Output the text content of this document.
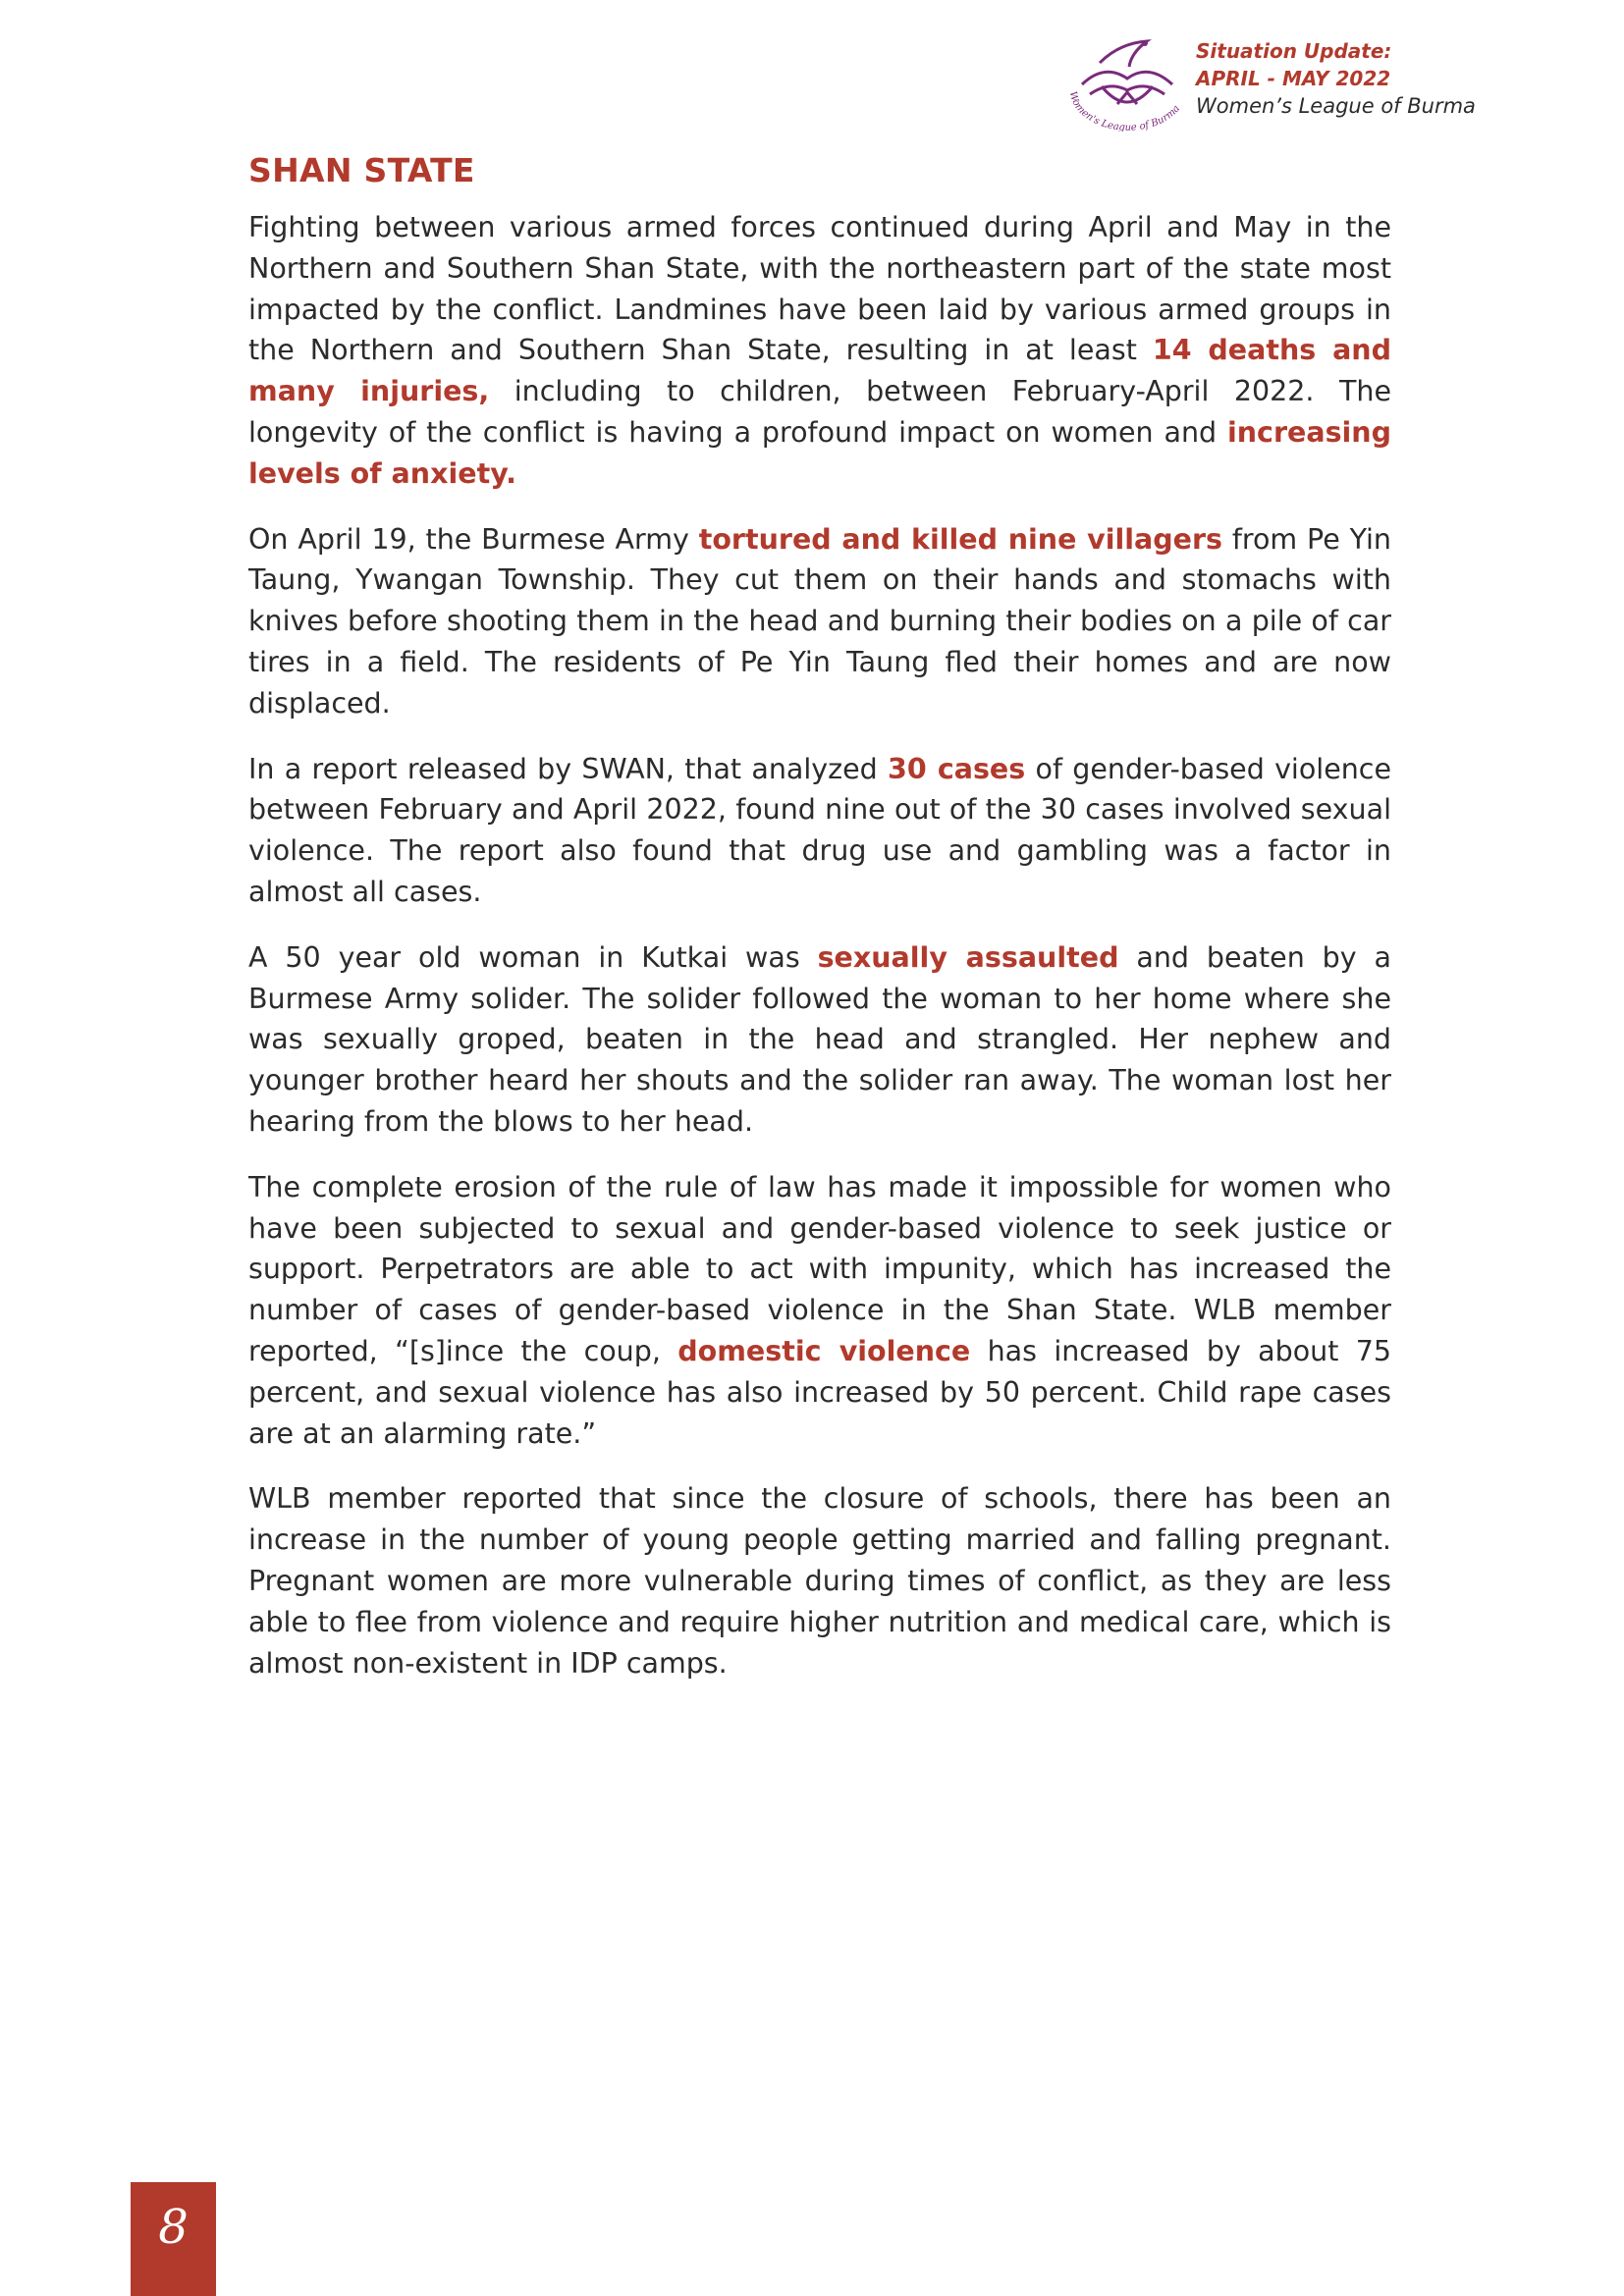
Women's League of Burma
Situation Update:
APRIL - MAY 2022
Women’s League of Burma
SHAN STATE

Fighting between various armed forces continued during April and May in the Northern and Southern Shan State, with the northeastern part of the state most impacted by the conflict. Landmines have been laid by various armed groups in the Northern and Southern Shan State, resulting in at least 14 deaths and many injuries, including to children, between February-April 2022. The longevity of the conflict is having a profound impact on women and increasing levels of anxiety.

On April 19, the Burmese Army tortured and killed nine villagers from Pe Yin Taung, Ywangan Township. They cut them on their hands and stomachs with knives before shooting them in the head and burning their bodies on a pile of car tires in a field. The residents of Pe Yin Taung fled their homes and are now displaced.

In a report released by SWAN, that analyzed 30 cases of gender-based violence between February and April 2022, found nine out of the 30 cases involved sexual violence. The report also found that drug use and gambling was a factor in almost all cases.

A 50 year old woman in Kutkai was sexually assaulted and beaten by a Burmese Army solider. The solider followed the woman to her home where she was sexually groped, beaten in the head and strangled. Her nephew and younger brother heard her shouts and the solider ran away. The woman lost her hearing from the blows to her head.

The complete erosion of the rule of law has made it impossible for women who have been subjected to sexual and gender-based violence to seek justice or support. Perpetrators are able to act with impunity, which has increased the number of cases of gender-based violence in the Shan State. WLB member reported, “[s]ince the coup, domestic violence has increased by about 75 percent, and sexual violence has also increased by 50 percent. Child rape cases are at an alarming rate.”

WLB member reported that since the closure of schools, there has been an increase in the number of young people getting married and falling pregnant. Pregnant women are more vulnerable during times of conflict, as they are less able to flee from violence and require higher nutrition and medical care, which is almost non-existent in IDP camps.

8
